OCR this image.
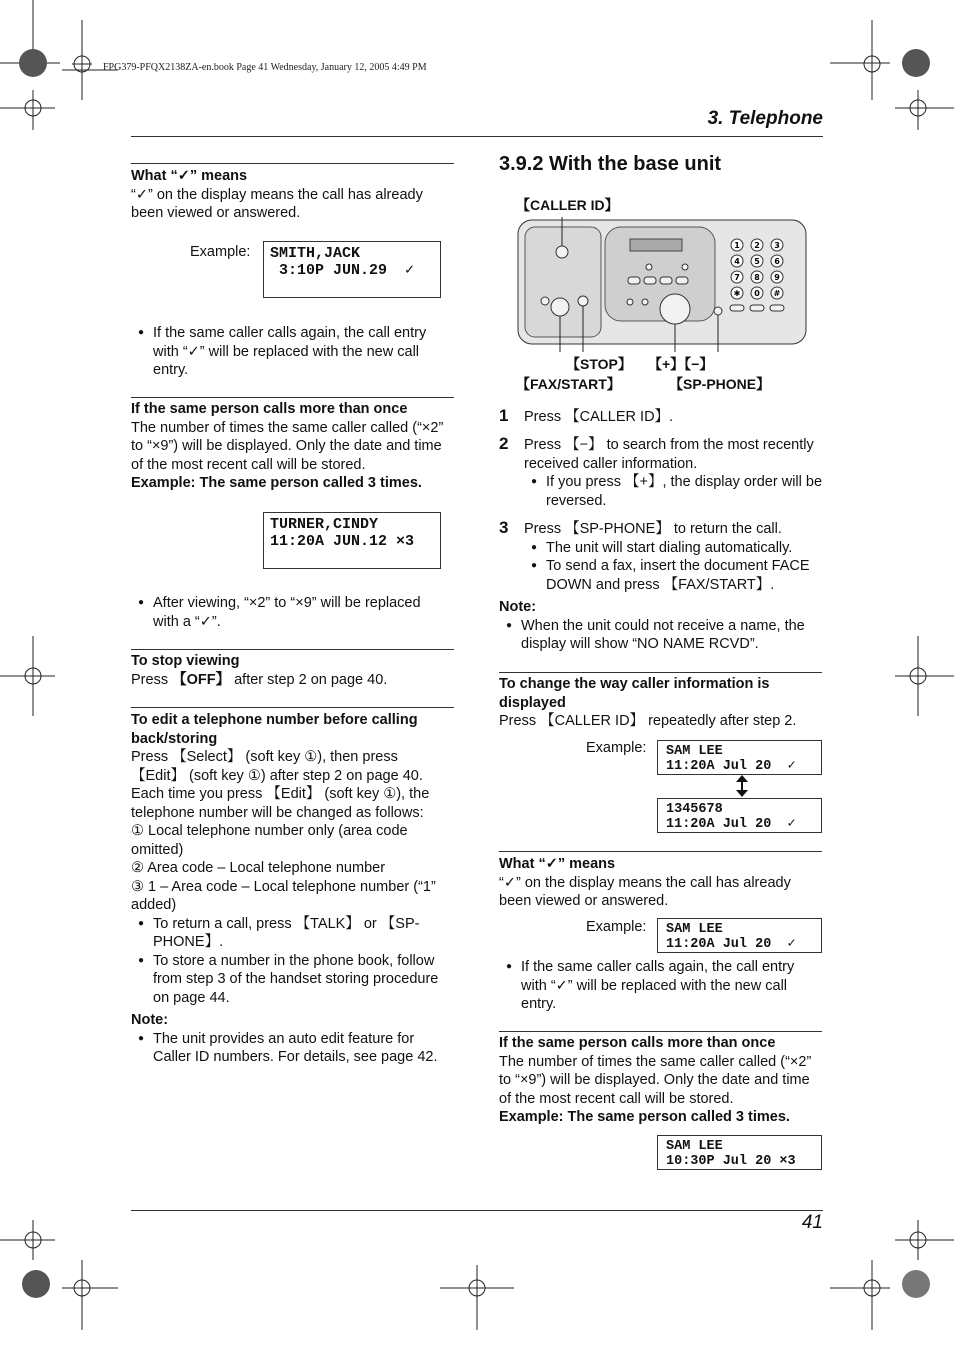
FPG379-PFQX2138ZA-en.book Page 41 Wednesday, January 12, 2005 4:49 PM
3. Telephone
What “✓” means

“✓” on the display means the call has already been viewed or answered.

Example: SMITH,JACK
3:10P JUN.29  ✓

● If the same caller calls again, the call entry with “✓” will be replaced with the new call entry.

If the same person calls more than once

The number of times the same caller called (“×2” to “×9”) will be displayed. Only the date and time of the most recent call will be stored.

Example: The same person called 3 times.
TURNER,CINDY
11:20A JUN.12 ×3

● After viewing, “×2” to “×9” will be replaced with a “✓”.

To stop viewing

Press 【OFF】 after step 2 on page 40.

To edit a telephone number before calling back/storing

Press 【Select】 (soft key ①), then press 【Edit】 (soft key ①) after step 2 on page 40. Each time you press 【Edit】 (soft key ①), the telephone number will be changed as follows:

① Local telephone number only (area code omitted)

② Area code – Local telephone number

③ 1 – Area code – Local telephone number (“1” added)

● To return a call, press 【TALK】 or 【SP-PHONE】.

● To store a number in the phone book, follow from step 3 of the handset storing procedure on page 44.

Note:

● The unit provides an auto edit feature for Caller ID numbers. For details, see page 42.

3.9.2 With the base unit
【CALLER ID】
1 2 3
4 5 6
7 8 9
✱ 0 #
【STOP】 【+】【−】
【FAX/START】	【SP-PHONE】
1 Press 【CALLER ID】.

2 Press 【−】 to search from the most recently received caller information.

● If you press 【+】, the display order will be reversed.

3 Press 【SP-PHONE】 to return the call.

● The unit will start dialing automatically.

● To send a fax, insert the document FACE DOWN and press 【FAX/START】.

Note:

● When the unit could not receive a name, the display will show “NO NAME RCVD”.

To change the way caller information is displayed

Press 【CALLER ID】 repeatedly after step 2.

Example: SAM LEE
11:20A Jul 20  ✓
1345678
11:20A Jul 20  ✓
What “✓” means

“✓” on the display means the call has already been viewed or answered.

Example: SAM LEE
11:20A Jul 20  ✓

● If the same caller calls again, the call entry with “✓” will be replaced with the new call entry.

If the same person calls more than once

The number of times the same caller called (“×2” to “×9”) will be displayed. Only the date and time of the most recent call will be stored.

Example: The same person called 3 times.
SAM LEE
10:30P Jul 20 ×3
41
